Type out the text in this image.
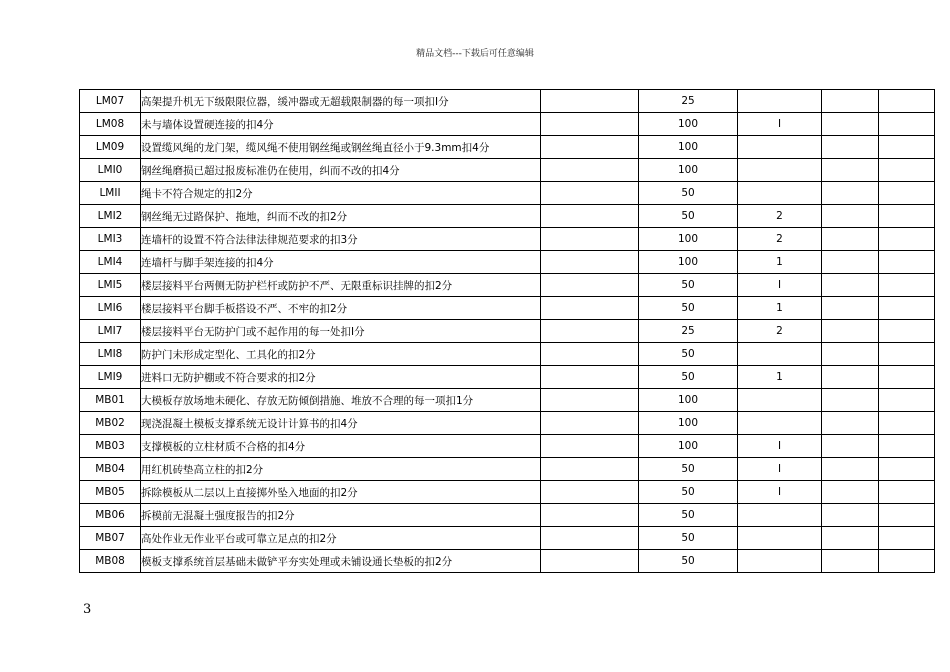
精品文档---下载后可任意编辑
LM07	高架提升机无下级限限位器，缓冲器或无超载限制器的每一项扣Ⅰ分		25			
LM08	未与墙体设置硬连接的扣4分		100	Ⅰ		
LM09	设置缆风绳的龙门架，缆风绳不使用钢丝绳或钢丝绳直径小于9.3mm扣4分		100			
LMI0	钢丝绳磨损已超过报废标准仍在使用，纠而不改的扣4分		100			
LMII	绳卡不符合规定的扣2分		50			
LMI2	钢丝绳无过路保护、拖地，纠而不改的扣2分		50	2		
LMI3	连墙杆的设置不符合法律法律规范要求的扣3分		100	2		
LMI4	连墙杆与脚手架连接的扣4分		100	1		
LMI5	楼层接料平台两侧无防护栏杆或防护不严、无限重标识挂牌的扣2分		50	Ⅰ		
LMI6	楼层接料平台脚手板搭设不严、不牢的扣2分		50	1		
LMI7	楼层接料平台无防护门或不起作用的每一处扣Ⅰ分		25	2		
LMI8	防护门未形成定型化、工具化的扣2分		50			
LMI9	进料口无防护棚或不符合要求的扣2分		50	1		
MB01	大模板存放场地未硬化、存放无防倾倒措施、堆放不合理的每一项扣1分		100			
MB02	现浇混凝土模板支撑系统无设计计算书的扣4分		100			
MB03	支撑模板的立柱材质不合格的扣4分		100	Ⅰ		
MB04	用红机砖垫高立柱的扣2分		50	Ⅰ		
MB05	拆除模板从二层以上直接掷外坠入地面的扣2分		50	Ⅰ		
MB06	拆模前无混凝土强度报告的扣2分		50			
MB07	高处作业无作业平台或可靠立足点的扣2分		50			
MB08	模板支撑系统首层基础未做铲平夯实处理或未铺设通长垫板的扣2分		50			
3
